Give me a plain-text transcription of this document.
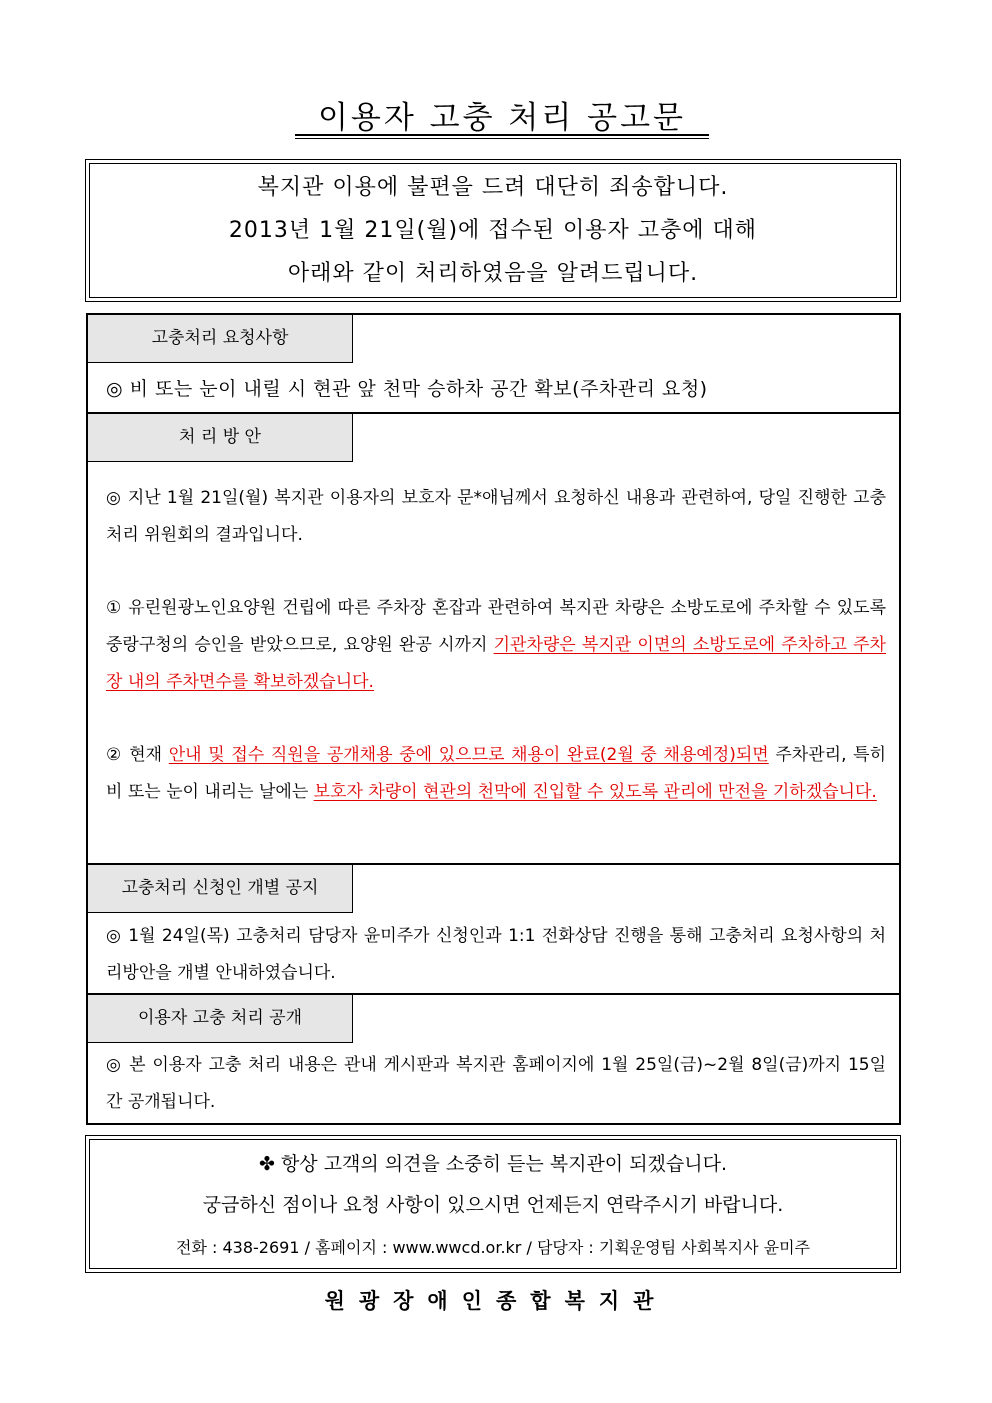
이용자 고충 처리 공고문
복지관 이용에 불편을 드려 대단히 죄송합니다.
2013년 1월 21일(월)에 접수된 이용자 고충에 대해
아래와 같이 처리하였음을 알려드립니다.
고충처리 요청사항
◎ 비 또는 눈이 내릴 시 현관 앞 천막 승하차 공간 확보(주차관리 요청)
처 리 방 안
◎ 지난 1월 21일(월) 복지관 이용자의 보호자 문*애님께서 요청하신 내용과 관련하여, 당일 진행한 고충처리 위원회의 결과입니다.
① 유린원광노인요양원 건립에 따른 주차장 혼잡과 관련하여 복지관 차량은 소방도로에 주차할 수 있도록 중랑구청의 승인을 받았으므로, 요양원 완공 시까지 기관차량은 복지관 이면의 소방도로에 주차하고 주차장 내의 주차면수를 확보하겠습니다.
② 현재 안내 및 접수 직원을 공개채용 중에 있으므로 채용이 완료(2월 중 채용예정)되면 주차관리, 특히 비 또는 눈이 내리는 날에는 보호자 차량이 현관의 천막에 진입할 수 있도록 관리에 만전을 기하겠습니다.
고충처리 신청인 개별 공지
◎ 1월 24일(목) 고충처리 담당자 윤미주가 신청인과 1:1 전화상담 진행을 통해 고충처리 요청사항의 처리방안을 개별 안내하였습니다.
이용자 고충 처리 공개
◎ 본 이용자 고충 처리 내용은 관내 게시판과 복지관 홈페이지에 1월 25일(금)~2월 8일(금)까지 15일 간 공개됩니다.
✤ 항상 고객의 의견을 소중히 듣는 복지관이 되겠습니다.
궁금하신 점이나 요청 사항이 있으시면 언제든지 연락주시기 바랍니다.
전화 : 438-2691 / 홈페이지 : www.wwcd.or.kr / 담당자 : 기획운영팀 사회복지사 윤미주
원광장애인종합복지관
